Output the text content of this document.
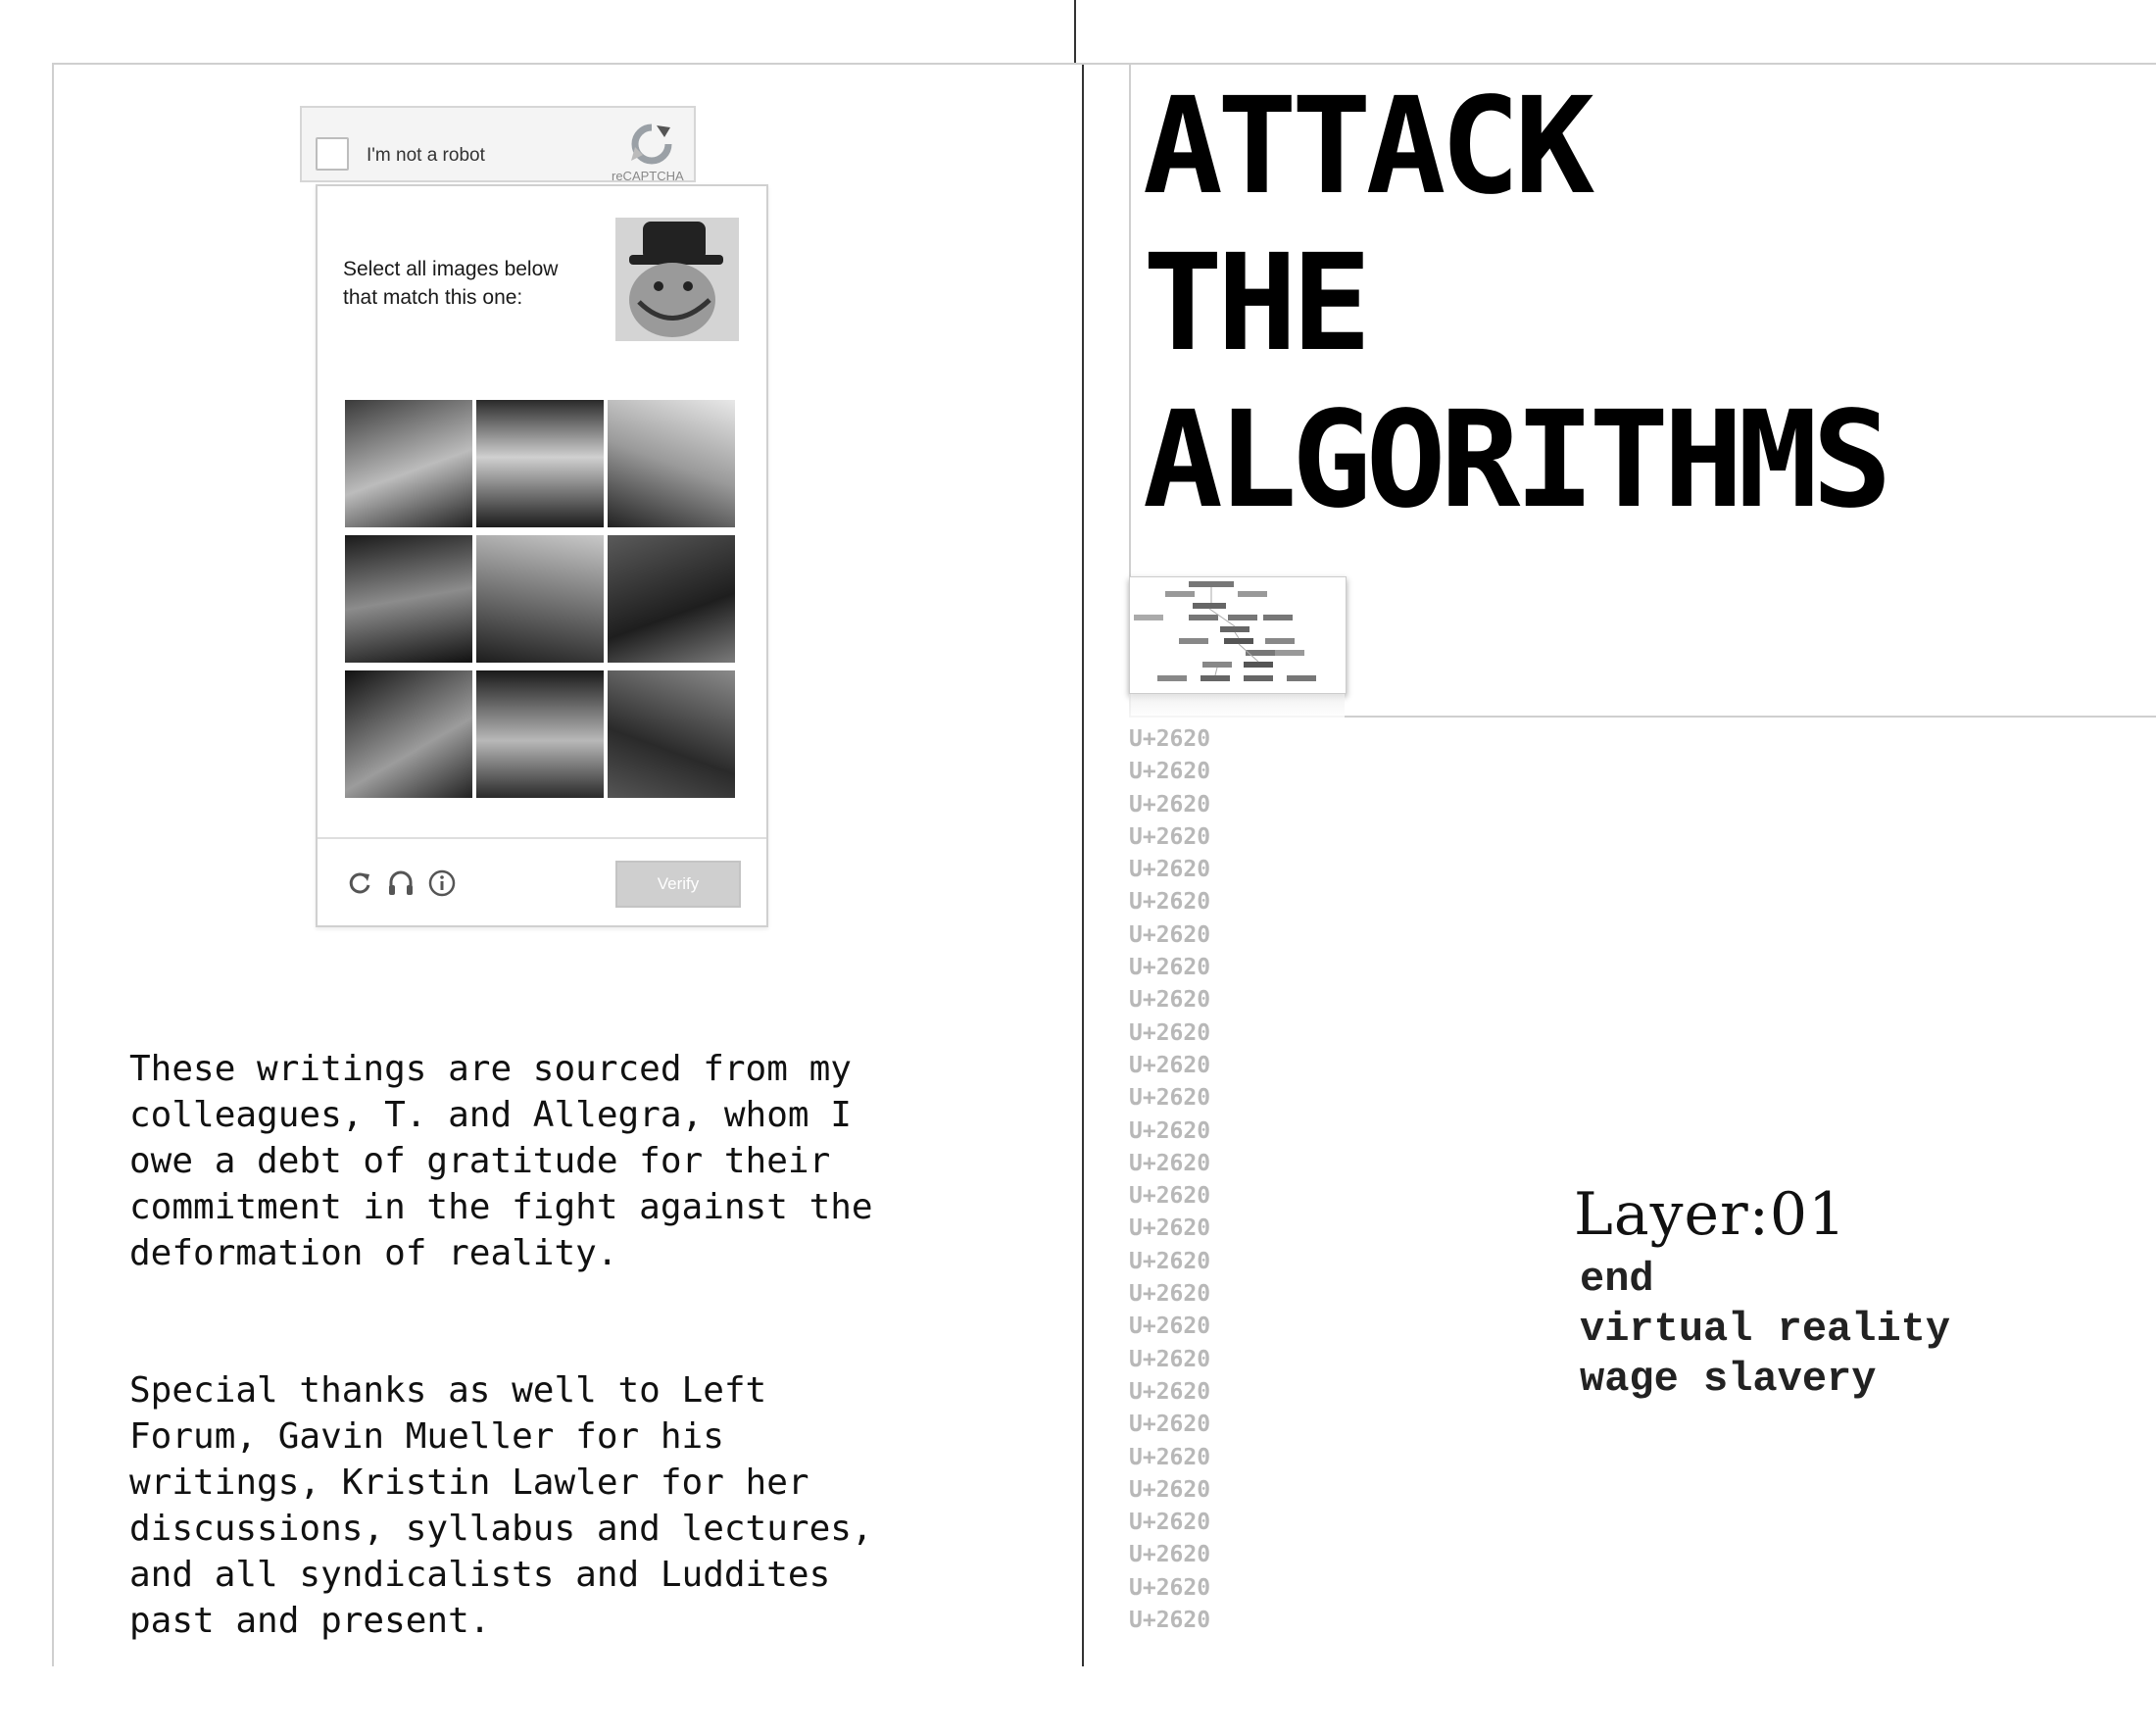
I'm not a robot
reCAPTCHA
Select all images below that match this one:
Verify

These writings are sourced from my
colleagues, T. and Allegra, whom I
owe a debt of gratitude for their
commitment in the fight against the
deformation of reality.

Special thanks as well to Left
Forum, Gavin Mueller for his
writings, Kristin Lawler for her
discussions, syllabus and lectures,
and all syndicalists and Luddites
past and present.

ATTACK
THE
ALGORITHMS
U+2620
U+2620
U+2620
U+2620
U+2620
U+2620
U+2620
U+2620
U+2620
U+2620
U+2620
U+2620
U+2620
U+2620
U+2620
U+2620
U+2620
U+2620
U+2620
U+2620
U+2620
U+2620
U+2620
U+2620
U+2620
U+2620
U+2620
U+2620
Layer:01
end
virtual reality
wage slavery
